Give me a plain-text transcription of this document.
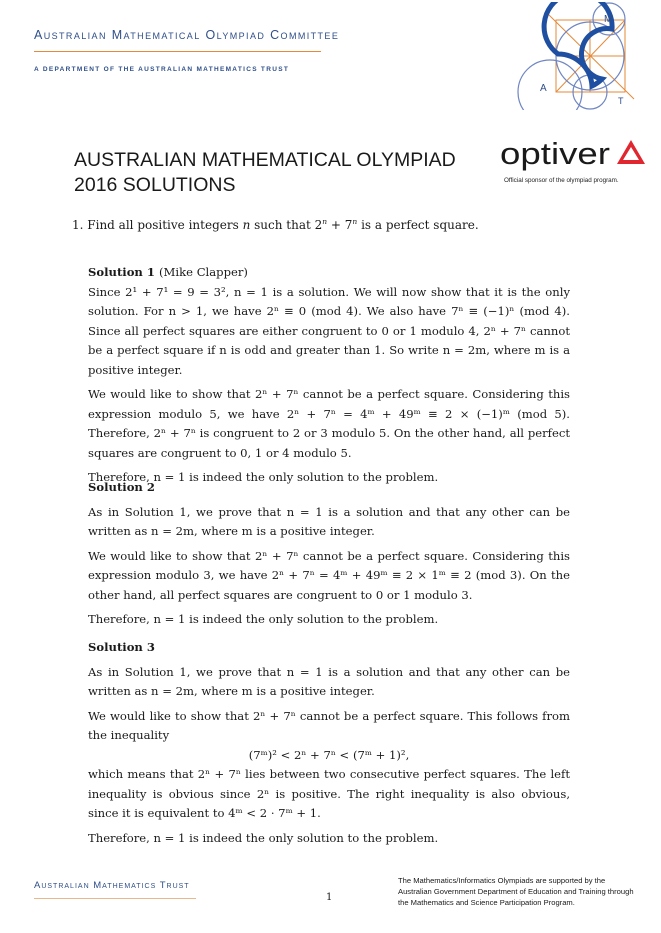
Australian Mathematical Olympiad Committee
A DEPARTMENT OF THE AUSTRALIAN MATHEMATICS TRUST
M
A
T
AUSTRALIAN MATHEMATICAL OLYMPIAD
2016 SOLUTIONS
optiver
Official sponsor of the olympiad program.
1. Find all positive integers n such that $2^n + 7^n$ is a perfect square.

Solution 1 (Mike Clapper)

Since 2¹ + 7¹ = 9 = 3², n = 1 is a solution. We will now show that it is the only solution. For n > 1, we have 2ⁿ ≡ 0 (mod 4). We also have 7ⁿ ≡ (−1)ⁿ (mod 4). Since all perfect squares are either congruent to 0 or 1 modulo 4, 2ⁿ + 7ⁿ cannot be a perfect square if n is odd and greater than 1. So write n = 2m, where m is a positive integer.

We would like to show that 2ⁿ + 7ⁿ cannot be a perfect square. Considering this expression modulo 5, we have 2ⁿ + 7ⁿ = 4ᵐ + 49ᵐ ≡ 2 × (−1)ᵐ (mod 5). Therefore, 2ⁿ + 7ⁿ is congruent to 2 or 3 modulo 5. On the other hand, all perfect squares are congruent to 0, 1 or 4 modulo 5.

Therefore, n = 1 is indeed the only solution to the problem.

Solution 2

As in Solution 1, we prove that n = 1 is a solution and that any other can be written as n = 2m, where m is a positive integer.

We would like to show that 2ⁿ + 7ⁿ cannot be a perfect square. Considering this expression modulo 3, we have 2ⁿ + 7ⁿ = 4ᵐ + 49ᵐ ≡ 2 × 1ᵐ ≡ 2 (mod 3). On the other hand, all perfect squares are congruent to 0 or 1 modulo 3.

Therefore, n = 1 is indeed the only solution to the problem.

Solution 3

As in Solution 1, we prove that n = 1 is a solution and that any other can be written as n = 2m, where m is a positive integer.

We would like to show that 2ⁿ + 7ⁿ cannot be a perfect square. This follows from the inequality

(7ᵐ)² < 2ⁿ + 7ⁿ < (7ᵐ + 1)²,

which means that 2ⁿ + 7ⁿ lies between two consecutive perfect squares. The left inequality is obvious since 2ⁿ is positive. The right inequality is also obvious, since it is equivalent to 4ᵐ < 2 · 7ᵐ + 1.

Therefore, n = 1 is indeed the only solution to the problem.

Australian Mathematics Trust
1
The Mathematics/Informatics Olympiads are supported by the Australian Government Department of Education and Training through the Mathematics and Science Participation Program.
